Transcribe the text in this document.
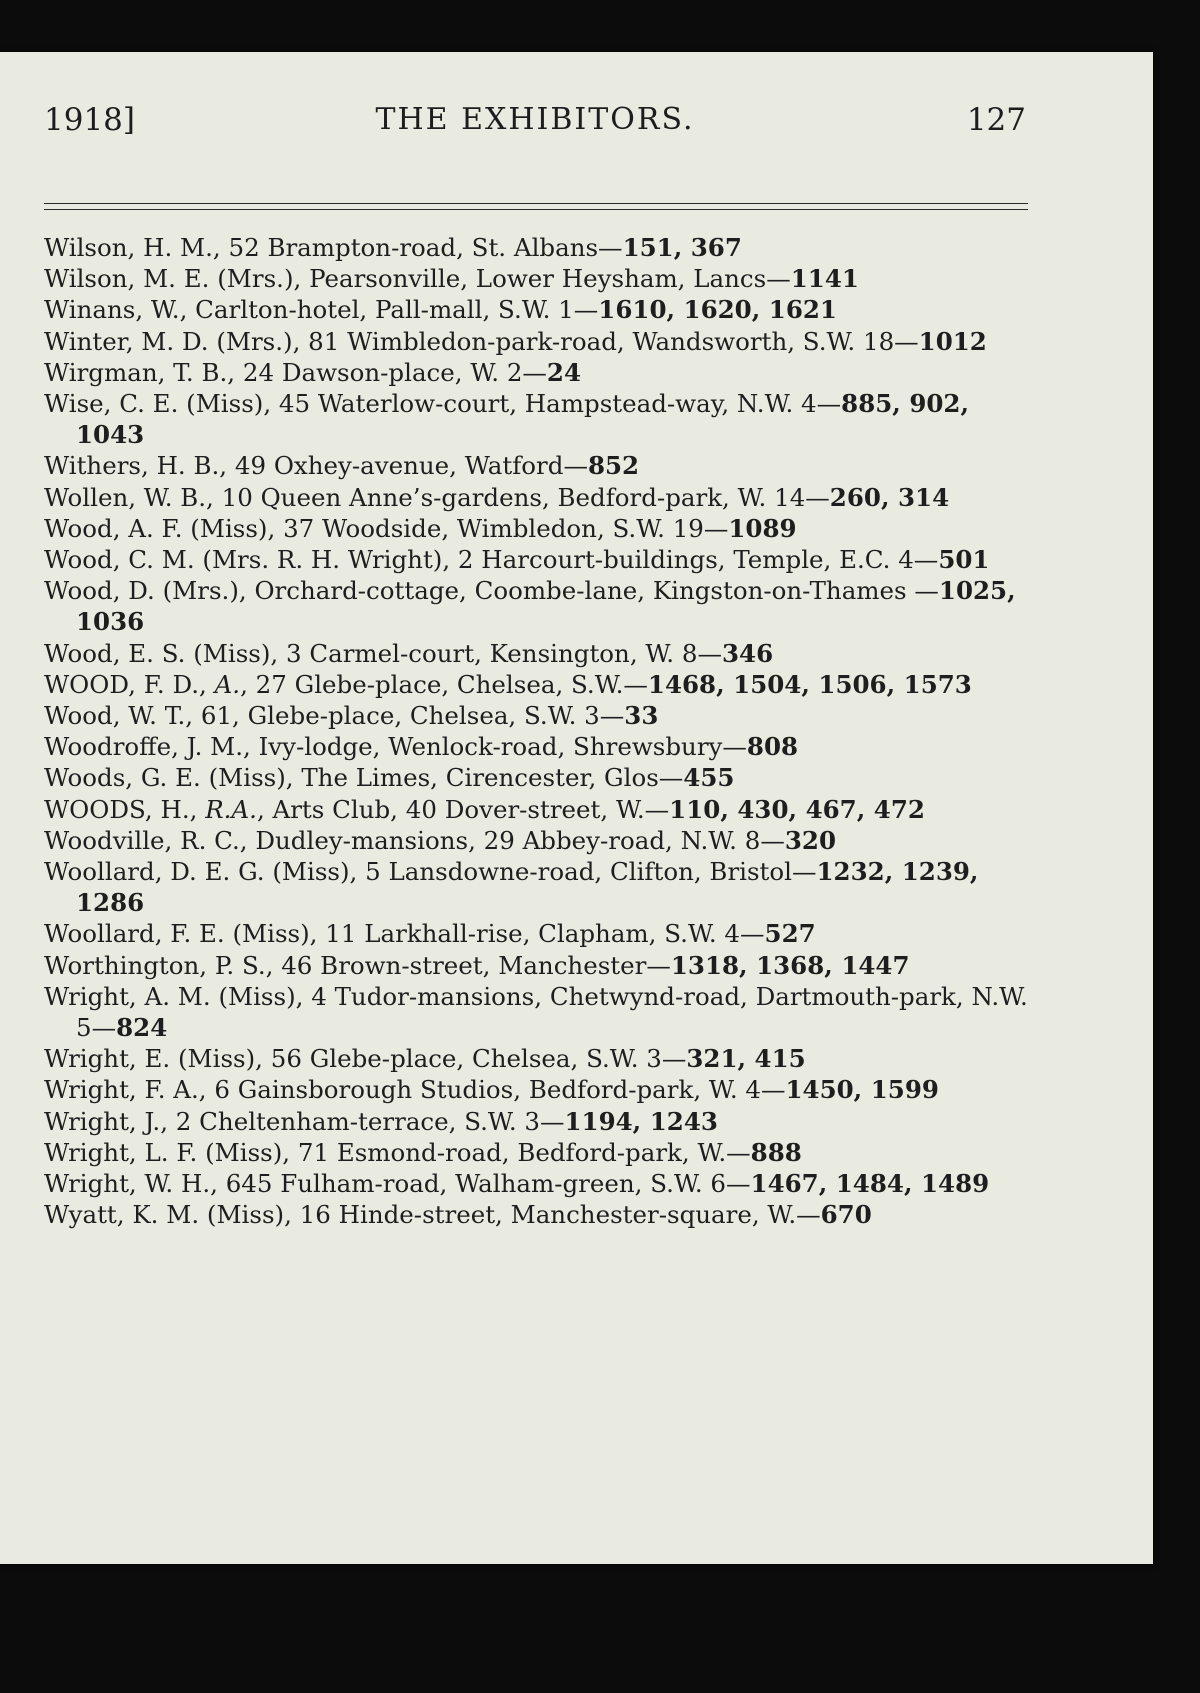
THE EXHIBITORS.
1918]	127
Wilson, H. M., 52 Brampton-road, St. Albans—151, 367
Wilson, M. E. (Mrs.), Pearsonville, Lower Heysham, Lancs—1141
Winans, W., Carlton-hotel, Pall-mall, S.W. 1—1610, 1620, 1621
Winter, M. D. (Mrs.), 81 Wimbledon-park-road, Wandsworth, S.W. 18—1012
Wirgman, T. B., 24 Dawson-place, W. 2—24
Wise, C. E. (Miss), 45 Waterlow-court, Hampstead-way, N.W. 4—885, 902, 1043
Withers, H. B., 49 Oxhey-avenue, Watford—852
Wollen, W. B., 10 Queen Anne’s-gardens, Bedford-park, W. 14—260, 314
Wood, A. F. (Miss), 37 Woodside, Wimbledon, S.W. 19—1089
Wood, C. M. (Mrs. R. H. Wright), 2 Harcourt-buildings, Temple, E.C. 4—501
Wood, D. (Mrs.), Orchard-cottage, Coombe-lane, Kingston-on-Thames —1025, 1036
Wood, E. S. (Miss), 3 Carmel-court, Kensington, W. 8—346
WOOD, F. D., A., 27 Glebe-place, Chelsea, S.W.—1468, 1504, 1506, 1573
Wood, W. T., 61, Glebe-place, Chelsea, S.W. 3—33
Woodroffe, J. M., Ivy-lodge, Wenlock-road, Shrewsbury—808
Woods, G. E. (Miss), The Limes, Cirencester, Glos—455
WOODS, H., R.A., Arts Club, 40 Dover-street, W.—110, 430, 467, 472
Woodville, R. C., Dudley-mansions, 29 Abbey-road, N.W. 8—320
Woollard, D. E. G. (Miss), 5 Lansdowne-road, Clifton, Bristol—1232, 1239, 1286
Woollard, F. E. (Miss), 11 Larkhall-rise, Clapham, S.W. 4—527
Worthington, P. S., 46 Brown-street, Manchester—1318, 1368, 1447
Wright, A. M. (Miss), 4 Tudor-mansions, Chetwynd-road, Dartmouth-park, N.W. 5—824
Wright, E. (Miss), 56 Glebe-place, Chelsea, S.W. 3—321, 415
Wright, F. A., 6 Gainsborough Studios, Bedford-park, W. 4—1450, 1599
Wright, J., 2 Cheltenham-terrace, S.W. 3—1194, 1243
Wright, L. F. (Miss), 71 Esmond-road, Bedford-park, W.—888
Wright, W. H., 645 Fulham-road, Walham-green, S.W. 6—1467, 1484, 1489
Wyatt, K. M. (Miss), 16 Hinde-street, Manchester-square, W.—670
